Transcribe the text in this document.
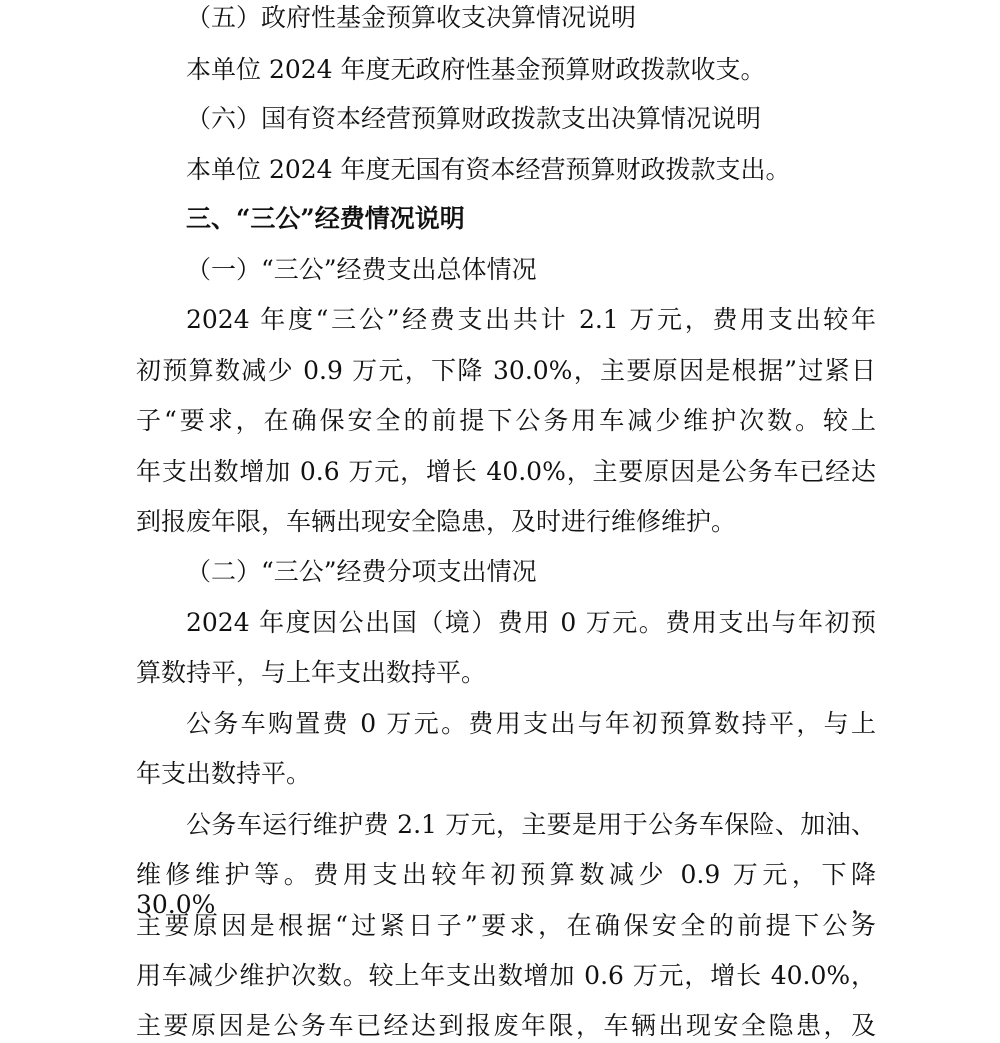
（五）政府性基金预算收支决算情况说明
本单位 2024 年度无政府性基金预算财政拨款收支。
（六）国有资本经营预算财政拨款支出决算情况说明
本单位 2024 年度无国有资本经营预算财政拨款支出。
三、“三公”经费情况说明
（一）“三公”经费支出总体情况
2024 年度“三公”经费支出共计 2.1 万元，费用支出较年
初预算数减少 0.9 万元，下降 30.0%，主要原因是根据”过紧日
子“要求，在确保安全的前提下公务用车减少维护次数。较上
年支出数增加 0.6 万元，增长 40.0%，主要原因是公务车已经达
到报废年限，车辆出现安全隐患，及时进行维修维护。
（二）“三公”经费分项支出情况
2024 年度因公出国（境）费用 0 万元。费用支出与年初预
算数持平，与上年支出数持平。
公务车购置费 0 万元。费用支出与年初预算数持平，与上
年支出数持平。
公务车运行维护费 2.1 万元，主要是用于公务车保险、加油、
维修维护等。费用支出较年初预算数减少 0.9 万元，下降 30.0%，
主要原因是根据“过紧日子”要求，在确保安全的前提下公务
用车减少维护次数。较上年支出数增加 0.6 万元，增长 40.0%，
主要原因是公务车已经达到报废年限，车辆出现安全隐患，及
